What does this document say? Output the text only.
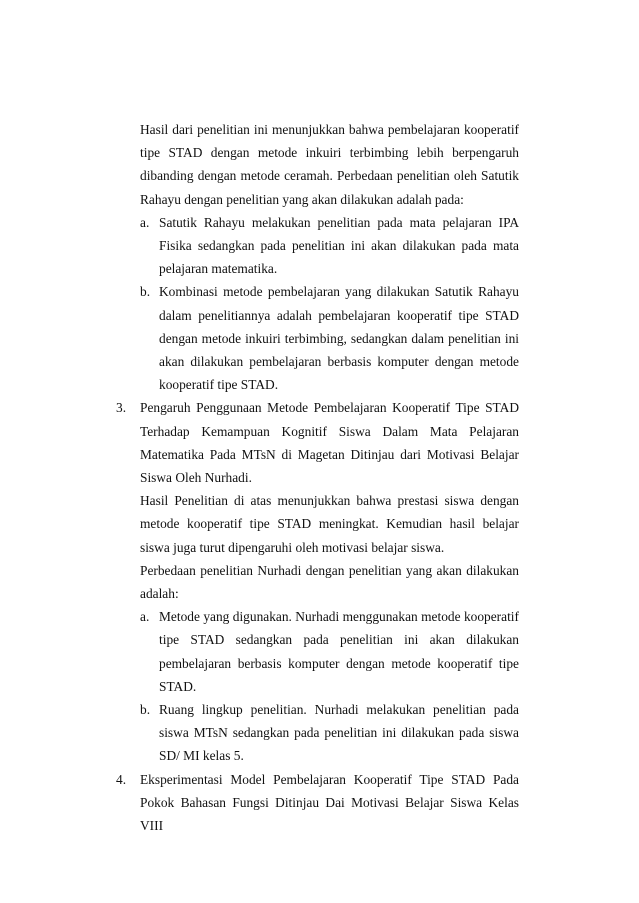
Hasil dari penelitian ini menunjukkan bahwa pembelajaran kooperatif tipe STAD dengan metode inkuiri terbimbing lebih berpengaruh dibanding dengan metode ceramah. Perbedaan penelitian oleh Satutik Rahayu dengan penelitian yang akan dilakukan adalah pada:

a. Satutik Rahayu melakukan penelitian pada mata pelajaran IPA Fisika sedangkan pada penelitian ini akan dilakukan pada mata pelajaran matematika.
b. Kombinasi metode pembelajaran yang dilakukan Satutik Rahayu dalam penelitiannya adalah pembelajaran kooperatif tipe STAD dengan metode inkuiri terbimbing, sedangkan dalam penelitian ini akan dilakukan pembelajaran berbasis komputer dengan metode kooperatif tipe STAD.
3. Pengaruh Penggunaan Metode Pembelajaran Kooperatif Tipe STAD Terhadap Kemampuan Kognitif Siswa Dalam Mata Pelajaran Matematika Pada MTsN di Magetan Ditinjau dari Motivasi Belajar Siswa Oleh Nurhadi.

Hasil Penelitian di atas menunjukkan bahwa prestasi siswa dengan metode kooperatif tipe STAD meningkat. Kemudian hasil belajar siswa juga turut dipengaruhi oleh motivasi belajar siswa.

Perbedaan penelitian Nurhadi dengan penelitian yang akan dilakukan adalah:

a. Metode yang digunakan. Nurhadi menggunakan metode kooperatif tipe STAD sedangkan pada penelitian ini akan dilakukan pembelajaran berbasis komputer dengan metode kooperatif tipe STAD.
b. Ruang lingkup penelitian. Nurhadi melakukan penelitian pada siswa MTsN sedangkan pada penelitian ini dilakukan pada siswa SD/ MI kelas 5.
4. Eksperimentasi Model Pembelajaran Kooperatif Tipe STAD Pada Pokok Bahasan Fungsi Ditinjau Dai Motivasi Belajar Siswa Kelas VIII
